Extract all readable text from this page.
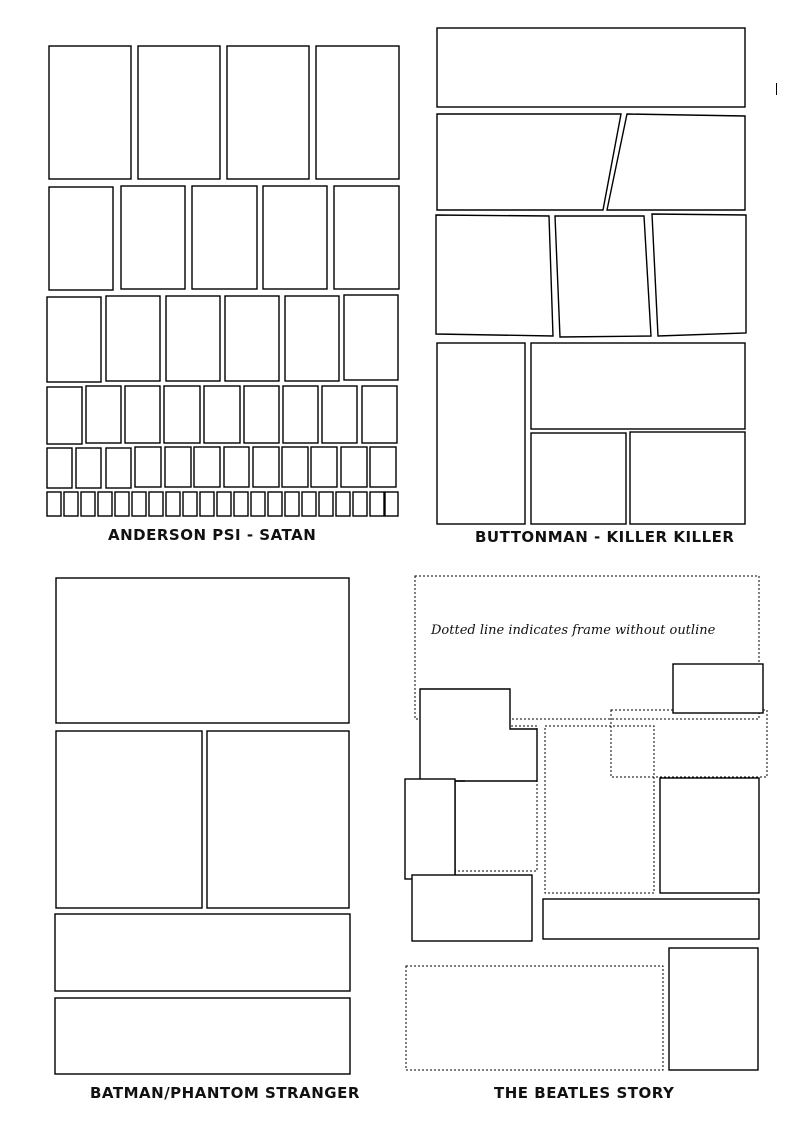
ANDERSON PSI - SATAN	BUTTONMAN - KILLER KILLER
BATMAN/PHANTOM STRANGER	THE BEATLES STORY
Dotted line indicates frame without outline
